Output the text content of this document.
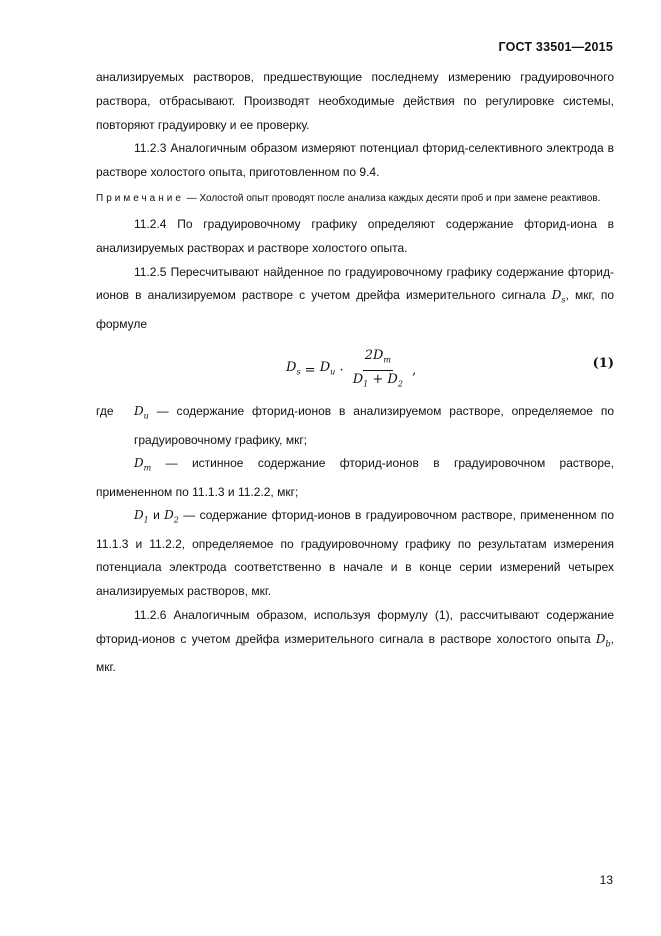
ГОСТ 33501—2015

анализируемых растворов, предшествующие последнему измерению градуировочного раствора, отбрасывают. Производят необходимые действия по регулировке системы, повторяют градуировку и ее проверку.

11.2.3 Аналогичным образом измеряют потенциал фторид-селективного электрода в растворе холостого опыта, приготовленном по 9.4.

Примечание — Холостой опыт проводят после анализа каждых десяти проб и при замене реактивов.

11.2.4 По градуировочному графику определяют содержание фторид-иона в анализируемых растворах и растворе холостого опыта.

11.2.5 Пересчитывают найденное по градуировочному графику содержание фторид-ионов в анализируемом растворе с учетом дрейфа измерительного сигнала $D_s$, мкг, по формуле

$D_s = D_u \cdot \frac{2D_m}{D_1 + D_2}$ ,	(1)
где	$D_u$ — содержание фторид-ионов в анализируемом растворе, определяемое по градуировочному графику, мкг;

$D_m$ — истинное содержание фторид-ионов в градуировочном растворе, примененном по 11.1.3 и 11.2.2, мкг;

$D_1$ и $D_2$ — содержание фторид-ионов в градуировочном растворе, примененном по 11.1.3 и 11.2.2, определяемое по градуировочному графику по результатам измерения потенциала электрода соответственно в начале и в конце серии измерений четырех анализируемых растворов, мкг.

11.2.6 Аналогичным образом, используя формулу (1), рассчитывают содержание фторид-ионов с учетом дрейфа измерительного сигнала в растворе холостого опыта $D_b$, мкг.

13
